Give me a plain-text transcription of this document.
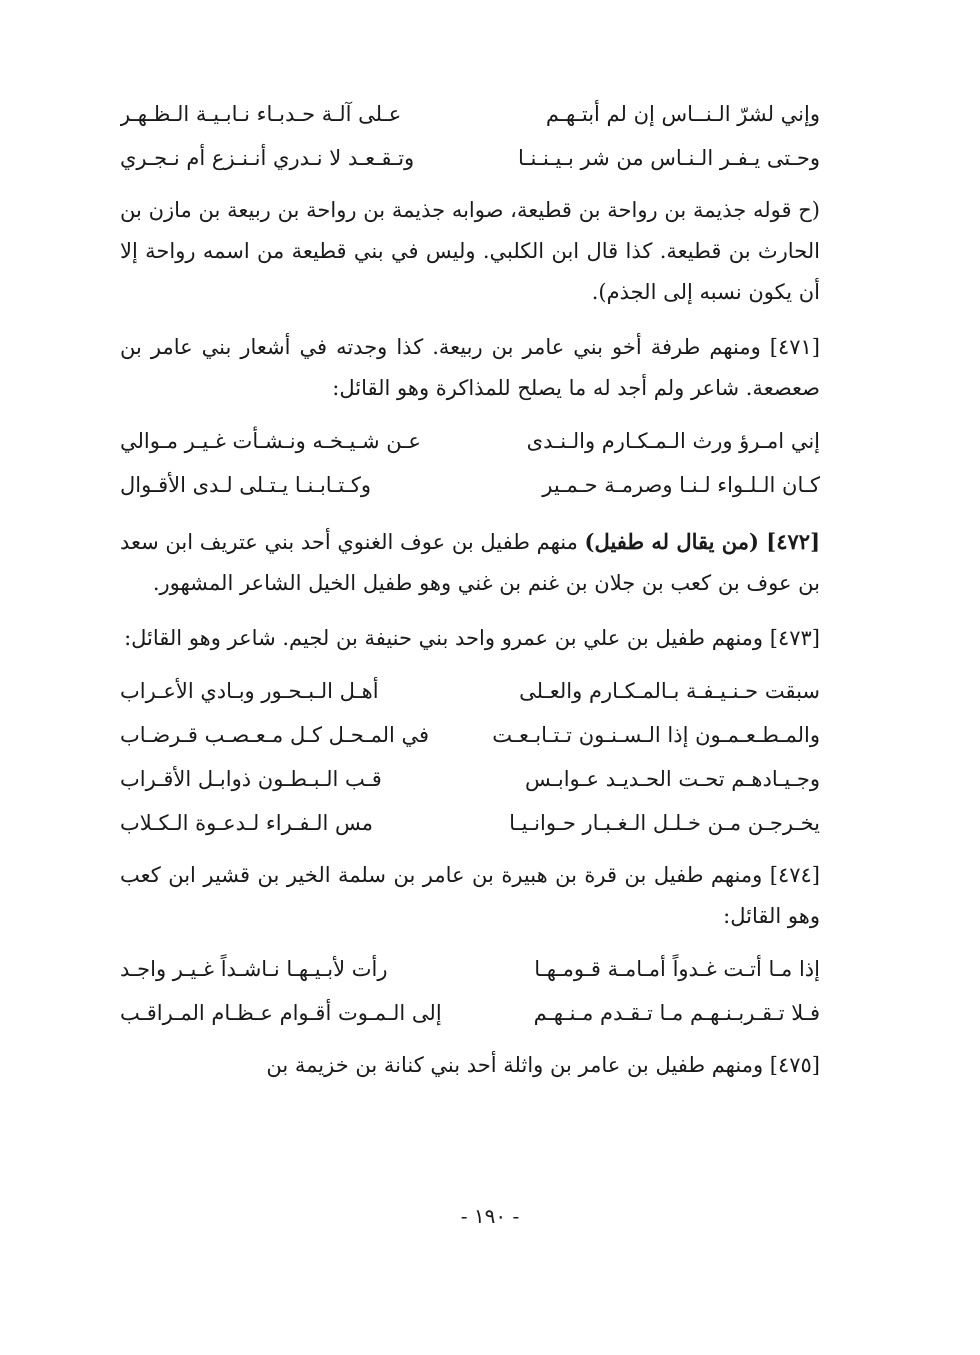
وإني لشرّ الـنــاس إن لم أبتـهـم
عـلى آلـة حـدبـاء نـابـيـة الـظـهـر
وحـتى يـفـر الـنـاس من شر بـيـنـنـا
وتـقـعـد لا نـدري أنـنـزع أم نـجـري

(ح قوله جذيمة بن رواحة بن قطيعة، صوابه جذيمة بن رواحة بن ربيعة بن مازن بن الحارث بن قطيعة. كذا قال ابن الكلبي. وليس في بني قطيعة من اسمه رواحة إلا أن يكون نسبه إلى الجذم).

[٤٧١] ومنهم طرفة أخو بني عامر بن ربيعة. كذا وجدته في أشعار بني عامر بن صعصعة. شاعر ولم أجد له ما يصلح للمذاكرة وهو القائل:

إني امـرؤ ورث الـمـكـارم والـنـدى
عـن شـيـخـه ونـشـأت غـيـر مـوالي
كـان الـلـواء لـنـا وصرمـة حـمـير
وكـتـابـنـا يـتـلى لـدى الأقـوال

[٤٧٢] (من يقال له طفيل) منهم طفيل بن عوف الغنوي أحد بني عتريف ابن سعد بن عوف بن كعب بن جلان بن غنم بن غني وهو طفيل الخيل الشاعر المشهور.

[٤٧٣] ومنهم طفيل بن علي بن عمرو واحد بني حنيفة بن لجيم. شاعر وهو القائل:

سبقت حـنـيـفـة بـالمـكـارم والعـلى
أهـل الـبـحـور وبـادي الأعـراب
والمـطـعـمـون إذا الـسـنـون تـتـابـعـت
في المـحـل كـل مـعـصـب قـرضـاب
وجـيـادهـم تحـت الحـديـد عـوابـس
قـب الـبـطـون ذوابـل الأقـراب
يخـرجـن مـن خـلـل الـغـبـار حـوانـيـا
مس الـفـراء لـدعـوة الـكـلاب

[٤٧٤] ومنهم طفيل بن قرة بن هبيرة بن عامر بن سلمة الخير بن قشير ابن كعب وهو القائل:

إذا مـا أتـت غـدواً أمـامـة قـومـهـا
رأت لأبـيـهـا نـاشـداً غـيـر واجـد
فـلا تـقـربـنـهـم مـا تـقـدم مـنـهـم
إلى الـمـوت أقـوام عـظـام المـراقـب

[٤٧٥] ومنهم طفيل بن عامر بن واثلة أحد بني كنانة بن خزيمة بن

- ١٩٠ -
